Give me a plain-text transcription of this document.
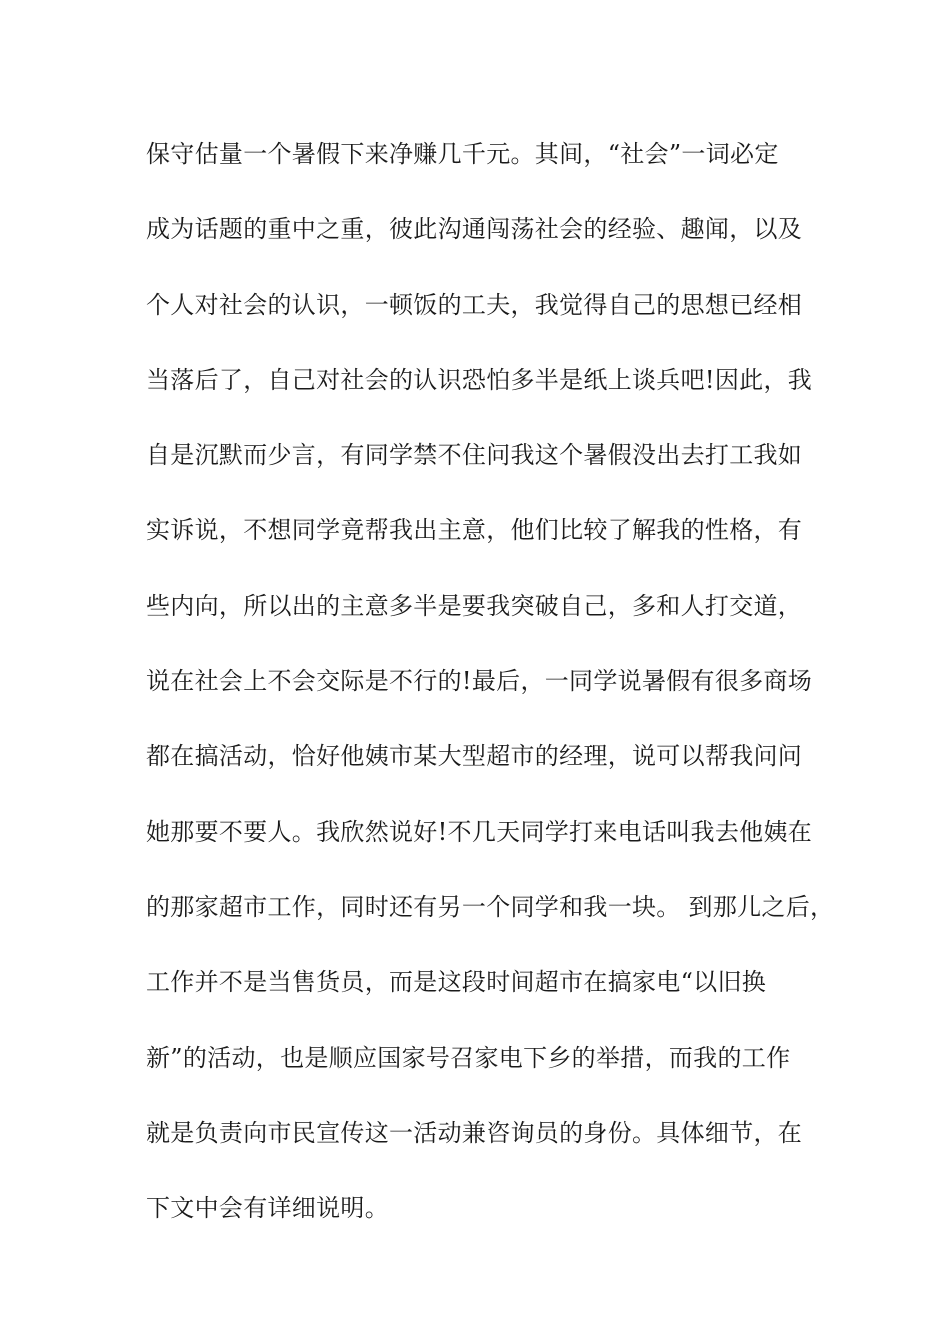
保守估量一个暑假下来净赚几千元。其间，“社会”一词必定
成为话题的重中之重，彼此沟通闯荡社会的经验、趣闻，以及
个人对社会的认识，一顿饭的工夫，我觉得自己的思想已经相
当落后了，自己对社会的认识恐怕多半是纸上谈兵吧!因此，我
自是沉默而少言，有同学禁不住问我这个暑假没出去打工我如
实诉说，不想同学竟帮我出主意，他们比较了解我的性格，有
些内向，所以出的主意多半是要我突破自己，多和人打交道，
说在社会上不会交际是不行的!最后，一同学说暑假有很多商场
都在搞活动，恰好他姨市某大型超市的经理，说可以帮我问问
她那要不要人。我欣然说好!不几天同学打来电话叫我去他姨在
的那家超市工作，同时还有另一个同学和我一块。 到那儿之后，
工作并不是当售货员，而是这段时间超市在搞家电“以旧换
新”的活动，也是顺应国家号召家电下乡的举措，而我的工作
就是负责向市民宣传这一活动兼咨询员的身份。具体细节，在
下文中会有详细说明。
